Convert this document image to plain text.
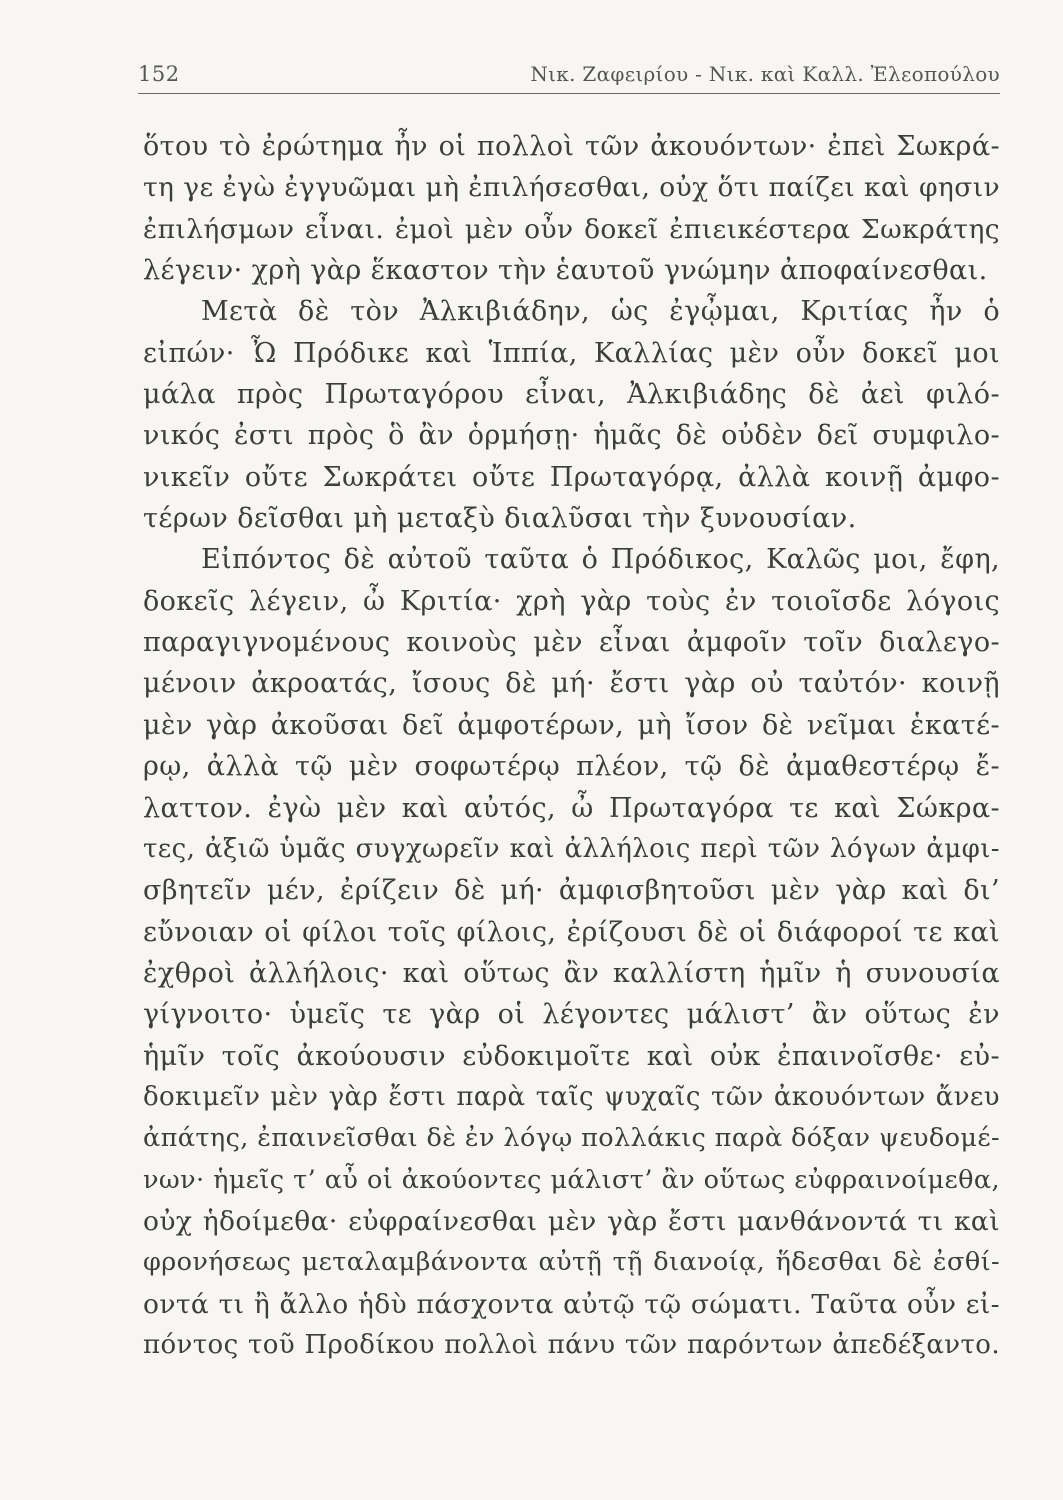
152	Νικ. Ζαφειρίου - Νικ. καὶ Καλλ. Ἐλεοπούλου
ὅτου τὸ ἐρώτημα ἦν οἱ πολλοὶ τῶν ἀκουόντων· ἐπεὶ Σωκρά-
τη γε ἐγὼ ἐγγυῶμαι μὴ ἐπιλήσεσθαι, οὐχ ὅτι παίζει καὶ φησιν
ἐπιλήσμων εἶναι. ἐμοὶ μὲν οὖν δοκεῖ ἐπιεικέστερα Σωκράτης
λέγειν· χρὴ γὰρ ἕκαστον τὴν ἑαυτοῦ γνώμην ἀποφαίνεσθαι.
Μετὰ δὲ τὸν Ἀλκιβιάδην, ὡς ἐγᾦμαι, Κριτίας ἦν ὁ
εἰπών· Ὦ Πρόδικε καὶ Ἱππία, Καλλίας μὲν οὖν δοκεῖ μοι
μάλα πρὸς Πρωταγόρου εἶναι, Ἀλκιβιάδης δὲ ἀεὶ φιλό-
νικός ἐστι πρὸς ὃ ἂν ὁρμήσῃ· ἡμᾶς δὲ οὐδὲν δεῖ συμφιλο-
νικεῖν οὔτε Σωκράτει οὔτε Πρωταγόρᾳ, ἀλλὰ κοινῇ ἀμφο-
τέρων δεῖσθαι μὴ μεταξὺ διαλῦσαι τὴν ξυνουσίαν.
Εἰπόντος δὲ αὐτοῦ ταῦτα ὁ Πρόδικος, Καλῶς μοι, ἔφη,
δοκεῖς λέγειν, ὦ Κριτία· χρὴ γὰρ τοὺς ἐν τοιοῖσδε λόγοις
παραγιγνομένους κοινοὺς μὲν εἶναι ἀμφοῖν τοῖν διαλεγο-
μένοιν ἀκροατάς, ἴσους δὲ μή· ἔστι γὰρ οὐ ταὐτόν· κοινῇ
μὲν γὰρ ἀκοῦσαι δεῖ ἀμφοτέρων, μὴ ἴσον δὲ νεῖμαι ἑκατέ-
ρῳ, ἀλλὰ τῷ μὲν σοφωτέρῳ πλέον, τῷ δὲ ἀμαθεστέρῳ ἔ-
λαττον. ἐγὼ μὲν καὶ αὐτός, ὦ Πρωταγόρα τε καὶ Σώκρα-
τες, ἀξιῶ ὑμᾶς συγχωρεῖν καὶ ἀλλήλοις περὶ τῶν λόγων ἀμφι-
σβητεῖν μέν, ἐρίζειν δὲ μή· ἀμφισβητοῦσι μὲν γὰρ καὶ δι’
εὔνοιαν οἱ φίλοι τοῖς φίλοις, ἐρίζουσι δὲ οἱ διάφοροί τε καὶ
ἐχθροὶ ἀλλήλοις· καὶ οὕτως ἂν καλλίστη ἡμῖν ἡ συνουσία
γίγνοιτο· ὑμεῖς τε γὰρ οἱ λέγοντες μάλιστ’ ἂν οὕτως ἐν
ἡμῖν τοῖς ἀκούουσιν εὐδοκιμοῖτε καὶ οὐκ ἐπαινοῖσθε· εὐ-
δοκιμεῖν μὲν γὰρ ἔστι παρὰ ταῖς ψυχαῖς τῶν ἀκουόντων ἄνευ
ἀπάτης, ἐπαινεῖσθαι δὲ ἐν λόγῳ πολλάκις παρὰ δόξαν ψευδομέ-
νων· ἡμεῖς τ’ αὖ οἱ ἀκούοντες μάλιστ’ ἂν οὕτως εὐφραινοίμεθα,
οὐχ ἡδοίμεθα· εὐφραίνεσθαι μὲν γὰρ ἔστι μανθάνοντά τι καὶ
φρονήσεως μεταλαμβάνοντα αὐτῇ τῇ διανοίᾳ, ἥδεσθαι δὲ ἐσθί-
οντά τι ἢ ἄλλο ἡδὺ πάσχοντα αὐτῷ τῷ σώματι. Ταῦτα οὖν εἰ-
πόντος τοῦ Προδίκου πολλοὶ πάνυ τῶν παρόντων ἀπεδέξαντο.
